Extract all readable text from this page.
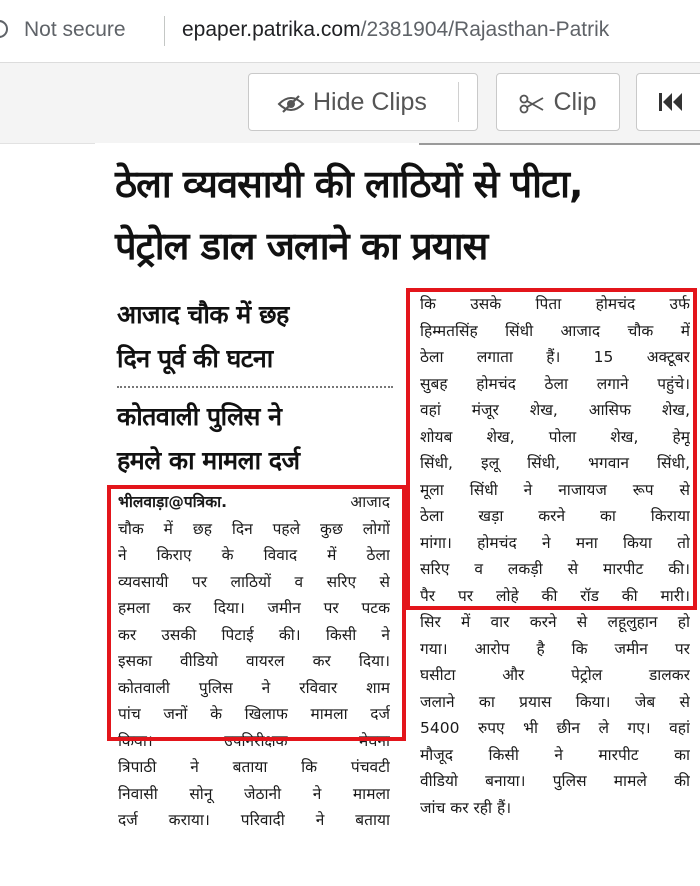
Not secure	epaper.patrika.com/2381904/Rajasthan-Patrik
Hide Clips	Clip
ठेला व्यवसायी की लाठियों से पीटा,
पेट्रोल डाल जलाने का प्रयास
आजाद चौक में छह
दिन पूर्व की घटना
कोतवाली पुलिस ने
हमले का मामला दर्ज
भीलवाड़ा@पत्रिका.	आजाद
चौक में छह दिन पहले कुछ लोगों
ने किराए के विवाद में ठेला
व्यवसायी पर लाठियों व सरिए से
हमला कर दिया। जमीन पर पटक
कर उसकी पिटाई की। किसी ने
इसका वीडियो वायरल कर दिया।
कोतवाली पुलिस ने रविवार शाम
पांच जनों के खिलाफ मामला दर्ज
किया। उपनिरीक्षक मेघना
त्रिपाठी ने बताया कि पंचवटी
निवासी सोनू जेठानी ने मामला
दर्ज कराया। परिवादी ने बताया
कि उसके पिता होमचंद उर्फ
हिम्मतसिंह सिंधी आजाद चौक में
ठेला लगाता हैं। 15 अक्टूबर
सुबह होमचंद ठेला लगाने पहुंचे।
वहां मंजूर शेख, आसिफ शेख,
शोयब शेख, पोला शेख, हेमू
सिंधी, इलू सिंधी, भगवान सिंधी,
मूला सिंधी ने नाजायज रूप से
ठेला खड़ा करने का किराया
मांगा। होमचंद ने मना किया तो
सरिए व लकड़ी से मारपीट की।
पैर पर लोहे की रॉड की मारी।
सिर में वार करने से लहूलुहान हो
गया। आरोप है कि जमीन पर
घसीटा और पेट्रोल डालकर
जलाने का प्रयास किया। जेब से
5400 रुपए भी छीन ले गए। वहां
मौजूद किसी ने मारपीट का
वीडियो बनाया। पुलिस मामले की
जांच कर रही हैं।
